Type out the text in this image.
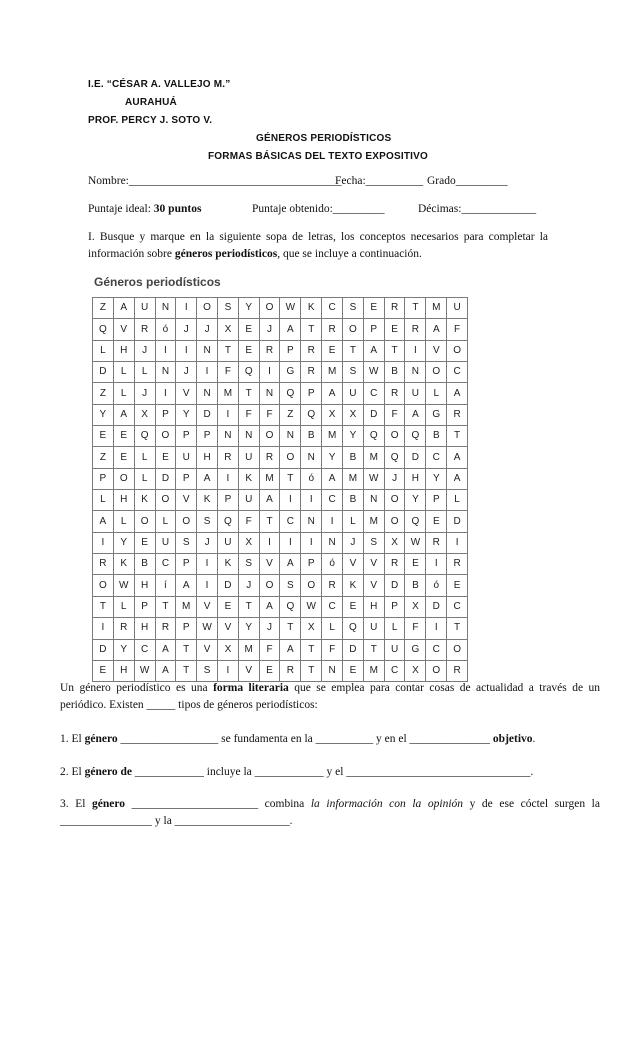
I.E. “CÉSAR A. VALLEJO M.”
AURAHUÁ
PROF. PERCY J. SOTO V.
GÉNEROS PERIODÍSTICOS
FORMAS BÁSICAS DEL TEXTO EXPOSITIVO
Nombre:_____________________________________
Fecha:__________ Grado_________
Puntaje ideal: 30 puntos	Puntaje obtenido:_________	Décimas:_____________
I. Busque y marque en la siguiente sopa de letras, los conceptos necesarios para completar la información sobre géneros periodísticos, que se incluye a continuación.
Géneros periodísticos
Z	A	U	N	I	O	S	Y	O	W	K	C	S	E	R	T	M	U
Q	V	R	ó	J	J	X	E	J	A	T	R	O	P	E	R	A	F
L	H	J	I	I	N	T	E	R	P	R	E	T	A	T	I	V	O
D	L	L	N	J	I	F	Q	I	G	R	M	S	W	B	N	O	C
Z	L	J	I	V	N	M	T	N	Q	P	A	U	C	R	U	L	A
Y	A	X	P	Y	D	I	F	F	Z	Q	X	X	D	F	A	G	R
E	E	Q	O	P	P	N	N	O	N	B	M	Y	Q	O	Q	B	T
Z	E	L	E	U	H	R	U	R	O	N	Y	B	M	Q	D	C	A
P	O	L	D	P	A	I	K	M	T	ó	A	M	W	J	H	Y	A
L	H	K	O	V	K	P	U	A	I	I	C	B	N	O	Y	P	L
A	L	O	L	O	S	Q	F	T	C	N	I	L	M	O	Q	E	D
I	Y	E	U	S	J	U	X	I	I	I	N	J	S	X	W	R	I
R	K	B	C	P	I	K	S	V	A	P	ó	V	V	R	E	I	R
O	W	H	í	A	I	D	J	O	S	O	R	K	V	D	B	ó	E
T	L	P	T	M	V	E	T	A	Q	W	C	E	H	P	X	D	C
I	R	H	R	P	W	V	Y	J	T	X	L	Q	U	L	F	I	T
D	Y	C	A	T	V	X	M	F	A	T	F	D	T	U	G	C	O
E	H	W	A	T	S	I	V	E	R	T	N	E	M	C	X	O	R
Un género periodístico es una forma literaria que se emplea para contar cosas de actualidad a través de un periódico. Existen _____ tipos de géneros periodísticos:
1. El género _________________ se fundamenta en la __________ y en el ______________ objetivo.
2. El género de ____________ incluye la ____________ y el ________________________________.
3. El género ______________________ combina la información con la opinión y de ese cóctel surgen la ________________ y la ____________________.
